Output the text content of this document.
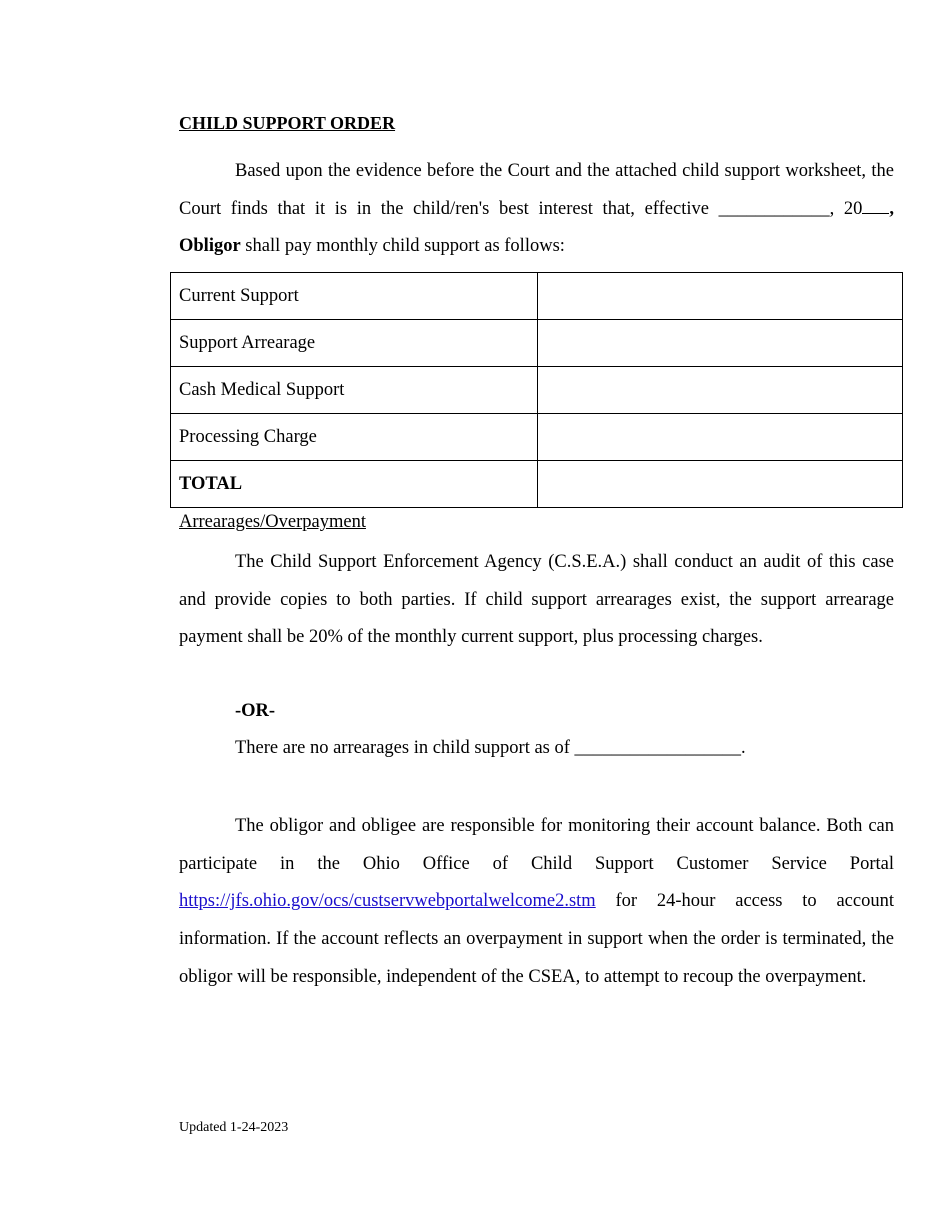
CHILD SUPPORT ORDER

Based upon the evidence before the Court and the attached child support worksheet, the Court finds that it is in the child/ren's best interest that, effective ____________, 20 , Obligor shall pay monthly child support as follows:

Current Support	
Support Arrearage	
Cash Medical Support	
Processing Charge	
TOTAL	
Arrearages/Overpayment

The Child Support Enforcement Agency (C.S.E.A.) shall conduct an audit of this case and provide copies to both parties. If child support arrearages exist, the support arrearage payment shall be 20% of the monthly current support, plus processing charges.

-OR-
There are no arrearages in child support as of __________________.

The obligor and obligee are responsible for monitoring their account balance. Both can participate in the Ohio Office of Child Support Customer Service Portal https://jfs.ohio.gov/ocs/custservwebportalwelcome2.stm for 24-hour access to account information. If the account reflects an overpayment in support when the order is terminated, the obligor will be responsible, independent of the CSEA, to attempt to recoup the overpayment.

Updated 1-24-2023
